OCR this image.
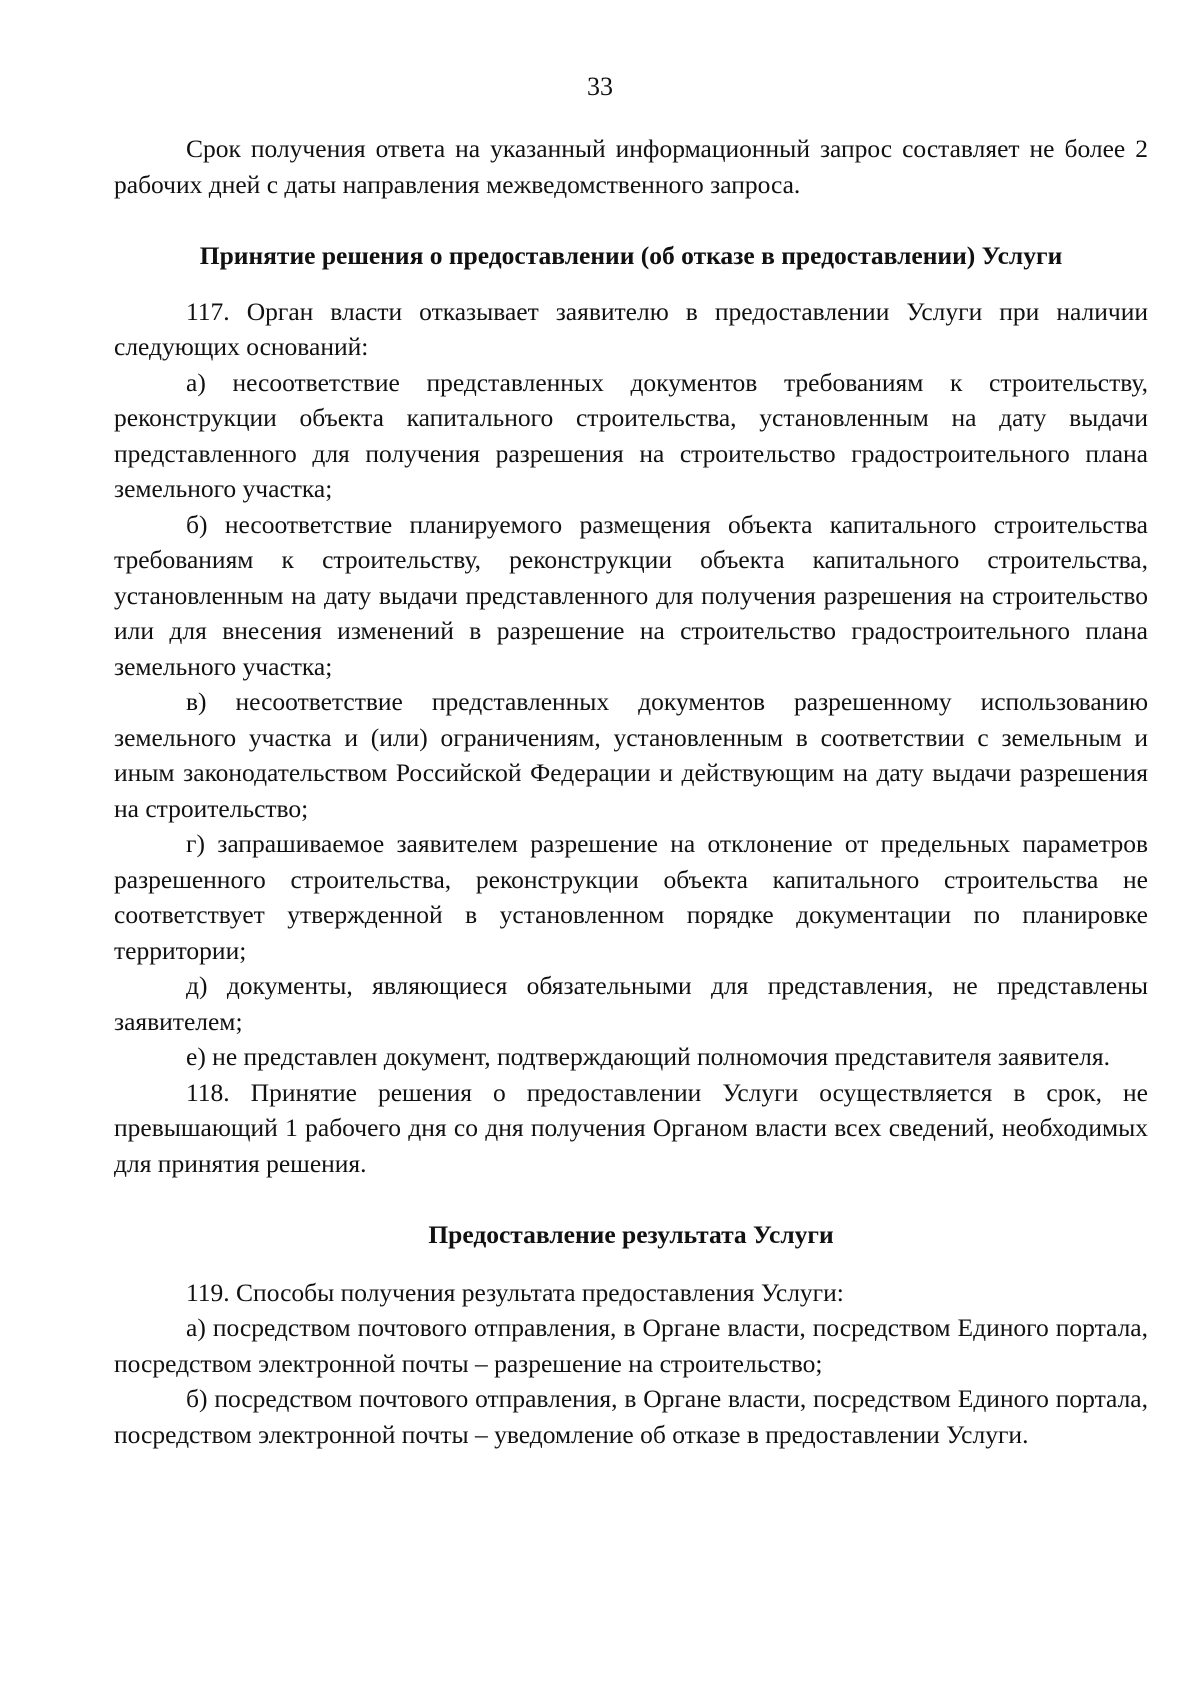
33

Срок получения ответа на указанный информационный запрос составляет не более 2 рабочих дней с даты направления межведомственного запроса.

Принятие решения о предоставлении (об отказе в предоставлении) Услуги

117. Орган власти отказывает заявителю в предоставлении Услуги при наличии следующих оснований:

а) несоответствие представленных документов требованиям к строительству, реконструкции объекта капитального строительства, установленным на дату выдачи представленного для получения разрешения на строительство градостроительного плана земельного участка;

б) несоответствие планируемого размещения объекта капитального строительства требованиям к строительству, реконструкции объекта капитального строительства, установленным на дату выдачи представленного для получения разрешения на строительство или для внесения изменений в разрешение на строительство градостроительного плана земельного участка;

в) несоответствие представленных документов разрешенному использованию земельного участка и (или) ограничениям, установленным в соответствии с земельным и иным законодательством Российской Федерации и действующим на дату выдачи разрешения на строительство;

г) запрашиваемое заявителем разрешение на отклонение от предельных параметров разрешенного строительства, реконструкции объекта капитального строительства не соответствует утвержденной в установленном порядке документации по планировке территории;

д) документы, являющиеся обязательными для представления, не представлены заявителем;

е) не представлен документ, подтверждающий полномочия представителя заявителя.

118. Принятие решения о предоставлении Услуги осуществляется в срок, не превышающий 1 рабочего дня со дня получения Органом власти всех сведений, необходимых для принятия решения.

Предоставление результата Услуги

119. Способы получения результата предоставления Услуги:

а) посредством почтового отправления, в Органе власти, посредством Единого портала, посредством электронной почты – разрешение на строительство;

б) посредством почтового отправления, в Органе власти, посредством Единого портала, посредством электронной почты – уведомление об отказе в предоставлении Услуги.
